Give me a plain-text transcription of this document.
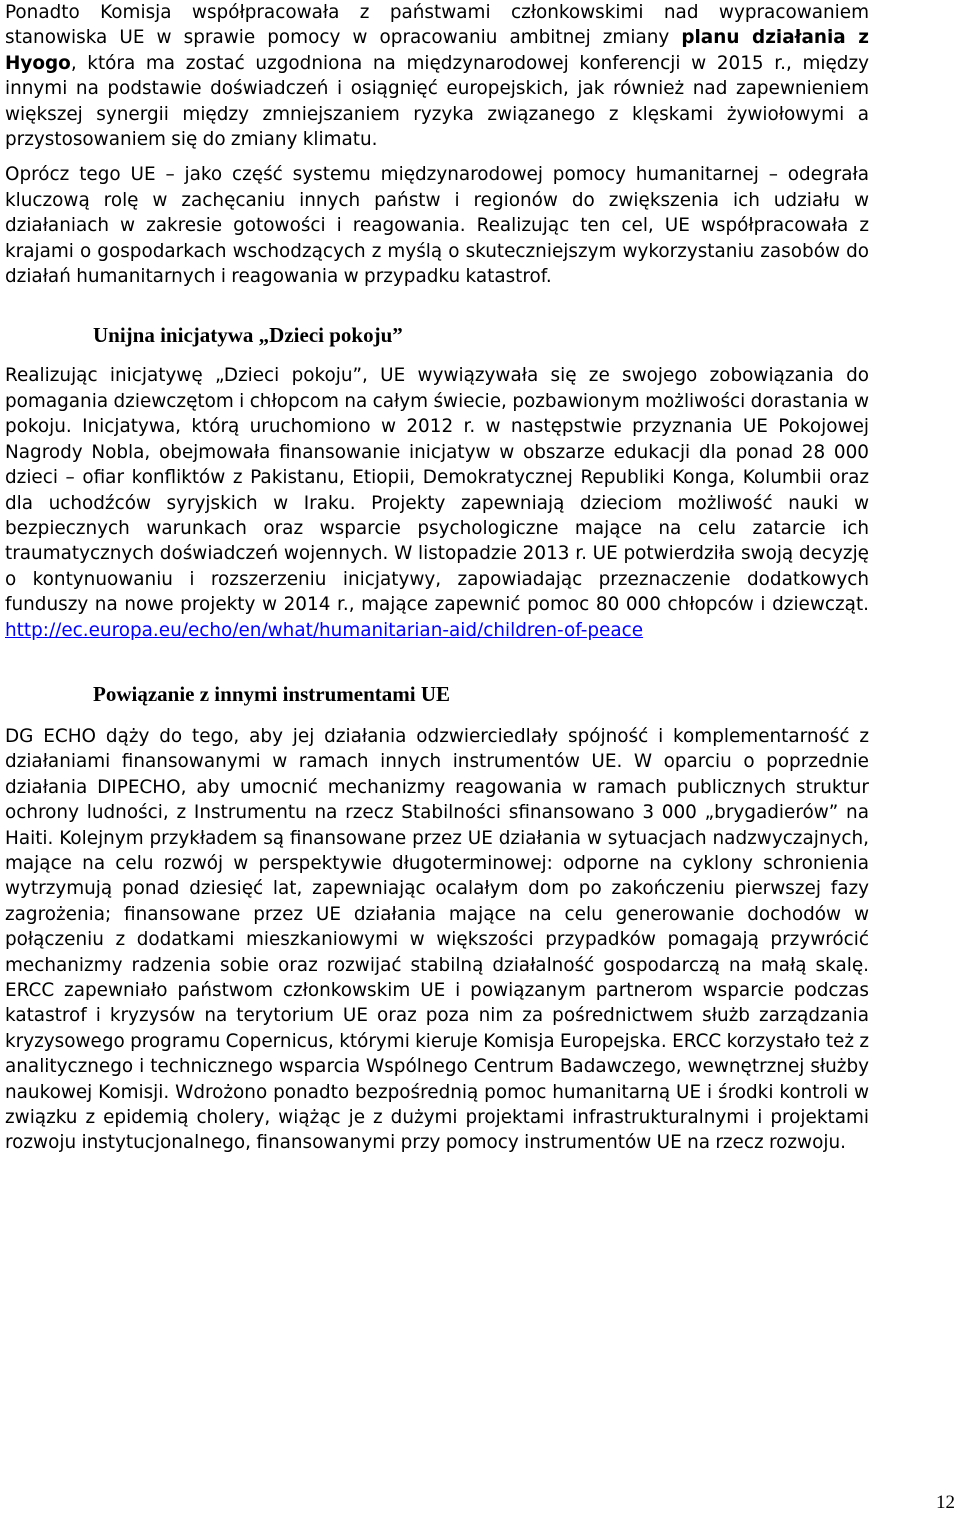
Ponadto Komisja współpracowała z państwami członkowskimi nad wypracowaniem stanowiska UE w sprawie pomocy w opracowaniu ambitnej zmiany planu działania z Hyogo, która ma zostać uzgodniona na międzynarodowej konferencji w 2015 r., między innymi na podstawie doświadczeń i osiągnięć europejskich, jak również nad zapewnieniem większej synergii między zmniejszaniem ryzyka związanego z klęskami żywiołowymi a przystosowaniem się do zmiany klimatu.

Oprócz tego UE – jako część systemu międzynarodowej pomocy humanitarnej – odegrała kluczową rolę w zachęcaniu innych państw i regionów do zwiększenia ich udziału w działaniach w zakresie gotowości i reagowania. Realizując ten cel, UE współpracowała z krajami o gospodarkach wschodzących z myślą o skuteczniejszym wykorzystaniu zasobów do działań humanitarnych i reagowania w przypadku katastrof.

Unijna inicjatywa „Dzieci pokoju”

Realizując inicjatywę „Dzieci pokoju”, UE wywiązywała się ze swojego zobowiązania do pomagania dziewczętom i chłopcom na całym świecie, pozbawionym możliwości dorastania w pokoju. Inicjatywa, którą uruchomiono w 2012 r. w następstwie przyznania UE Pokojowej Nagrody Nobla, obejmowała finansowanie inicjatyw w obszarze edukacji dla ponad 28 000 dzieci – ofiar konfliktów z Pakistanu, Etiopii, Demokratycznej Republiki Konga, Kolumbii oraz dla uchodźców syryjskich w Iraku. Projekty zapewniają dzieciom możliwość nauki w bezpiecznych warunkach oraz wsparcie psychologiczne mające na celu zatarcie ich traumatycznych doświadczeń wojennych. W listopadzie 2013 r. UE potwierdziła swoją decyzję o kontynuowaniu i rozszerzeniu inicjatywy, zapowiadając przeznaczenie dodatkowych funduszy na nowe projekty w 2014 r., mające zapewnić pomoc 80 000 chłopców i dziewcząt. http://ec.europa.eu/echo/en/what/humanitarian-aid/children-of-peace

Powiązanie z innymi instrumentami UE

DG ECHO dąży do tego, aby jej działania odzwierciedlały spójność i komplementarność z działaniami finansowanymi w ramach innych instrumentów UE. W oparciu o poprzednie działania DIPECHO, aby umocnić mechanizmy reagowania w ramach publicznych struktur ochrony ludności, z Instrumentu na rzecz Stabilności sfinansowano 3 000 „brygadierów” na Haiti. Kolejnym przykładem są finansowane przez UE działania w sytuacjach nadzwyczajnych, mające na celu rozwój w perspektywie długoterminowej: odporne na cyklony schronienia wytrzymują ponad dziesięć lat, zapewniając ocalałym dom po zakończeniu pierwszej fazy zagrożenia; finansowane przez UE działania mające na celu generowanie dochodów w połączeniu z dodatkami mieszkaniowymi w większości przypadków pomagają przywrócić mechanizmy radzenia sobie oraz rozwijać stabilną działalność gospodarczą na małą skalę. ERCC zapewniało państwom członkowskim UE i powiązanym partnerom wsparcie podczas katastrof i kryzysów na terytorium UE oraz poza nim za pośrednictwem służb zarządzania kryzysowego programu Copernicus, którymi kieruje Komisja Europejska. ERCC korzystało też z analitycznego i technicznego wsparcia Wspólnego Centrum Badawczego, wewnętrznej służby naukowej Komisji. Wdrożono ponadto bezpośrednią pomoc humanitarną UE i środki kontroli w związku z epidemią cholery, wiążąc je z dużymi projektami infrastrukturalnymi i projektami rozwoju instytucjonalnego, finansowanymi przy pomocy instrumentów UE na rzecz rozwoju.

12
